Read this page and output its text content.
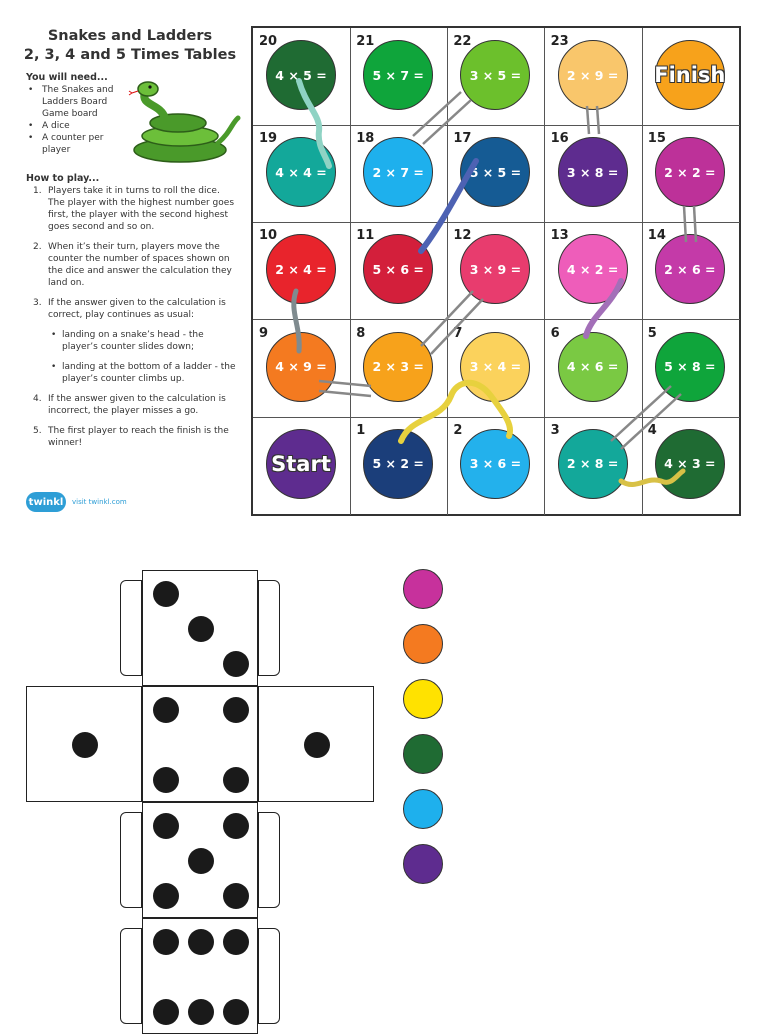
Snakes and Ladders
2, 3, 4 and 5 Times Tables
You will need...
• The Snakes and Ladders Board Game board
• A dice
• A counter per player
How to play...
1. Players take it in turns to roll the dice. The player with the highest number goes first, the player with the second highest goes second and so on.
2. When it’s their turn, players move the counter the number of spaces shown on the dice and answer the calculation they land on.
3. If the answer given to the calculation is correct, play continues as usual:
• landing on a snake’s head - the player’s counter slides down;
• landing at the bottom of a ladder - the player’s counter climbs up.
4. If the answer given to the calculation is incorrect, the player misses a go.
5. The first player to reach the finish is the winner!
twinkl	visit twinkl.com
20
4 × 5 =
21
5 × 7 =
22
3 × 5 =
23
2 × 9 =	Finish
19
4 × 4 =
18
2 × 7 =
17
5 × 5 =
16
3 × 8 =
15
2 × 2 =
10
2 × 4 =
11
5 × 6 =
12
3 × 9 =
13
4 × 2 =
14
2 × 6 =
9
4 × 9 =
8
2 × 3 =
7
3 × 4 =
6
4 × 6 =
5
5 × 8 =
Start
1
5 × 2 =
2
3 × 6 =
3
2 × 8 =
4
4 × 3 =
